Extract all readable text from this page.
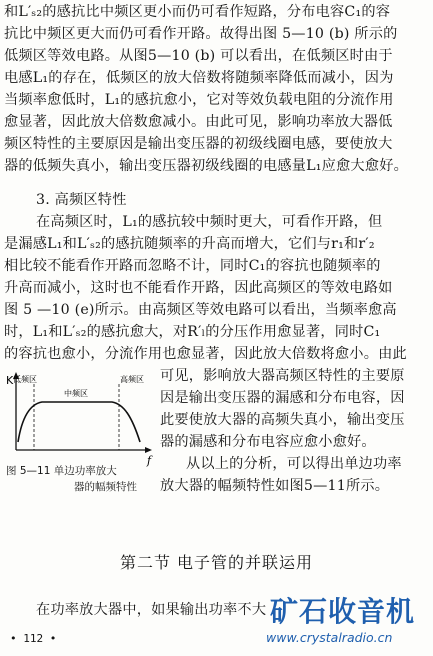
和L′ₛ₂的感抗比中频区更小而仍可看作短路，分布电容C₁的容
抗比中频区更大而仍可看作开路。故得出图 5—10 (b) 所示的
低频区等效电路。从图5—10 (b) 可以看出，在低频区时由于
电感L₁的存在，低频区的放大倍数将随频率降低而减小，因为
当频率愈低时，L₁的感抗愈小，它对等效负载电阻的分流作用
愈显著，因此放大倍数愈减小。由此可见，影响功率放大器低
频区特性的主要原因是输出变压器的初级线圈电感，要使放大
器的低频失真小，输出变压器初级线圈的电感量L₁应愈大愈好。
3. 高频区特性
在高频区时，L₁的感抗较中频时更大，可看作开路，但
是漏感L₁和L′ₛ₂的感抗随频率的升高而增大，它们与r₁和r′₂
相比较不能看作开路而忽略不计，同时C₁的容抗也随频率的
升高而减小，这时也不能看作开路，因此高频区的等效电路如
图 5 —10 (e)所示。由高频区等效电路可以看出，当频率愈高
时，L₁和L′ₛ₂的感抗愈大，对R′ₗ的分压作用愈显著，同时C₁
的容抗也愈小，分流作用也愈显著，因此放大倍数将愈小。由此
可见，影响放大器高频区特性的主要原
因是输出变压器的漏感和分布电容，因
此要使放大器的高频失真小，输出变压
器的漏感和分布电容应愈小愈好。
从以上的分析，可以得出单边功率
放大器的幅频特性如图5—11所示。
K
f
低频区
中频区
高频区
图 5—11 单边功率放大
器的幅频特性
第二节 电子管的并联运用
在功率放大器中，如果输出功率不大
• 112 •
矿石收音机
www.crystalradio.cn
